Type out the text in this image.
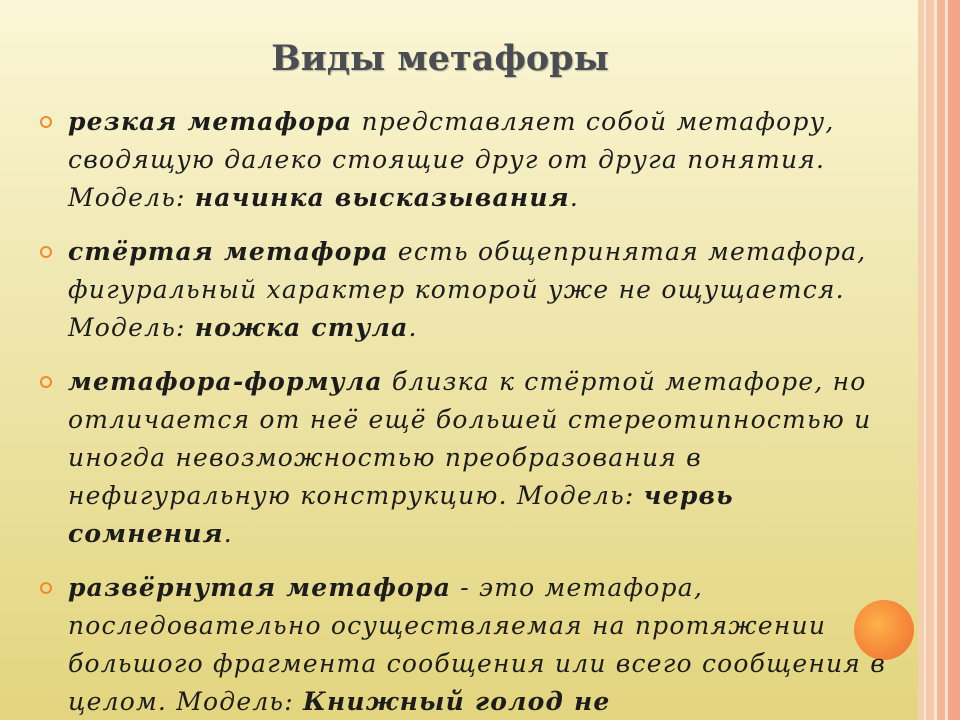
Виды метафоры
резкая метафора представляет собой метафору, сводящую далеко стоящие друг от друга понятия. Модель: начинка высказывания.
стёртая метафора есть общепринятая метафора, фигуральный характер которой уже не ощущается. Модель: ножка стула.
метафора-формула близка к стёртой метафоре, но отличается от неё ещё большей стереотипностью и иногда невозможностью преобразования в нефигуральную конструкцию. Модель: червь сомнения.
развёрнутая метафора - это метафора, последовательно осуществляемая на протяжении большого фрагмента сообщения или всего сообщения в целом. Модель: Книжный голод не
